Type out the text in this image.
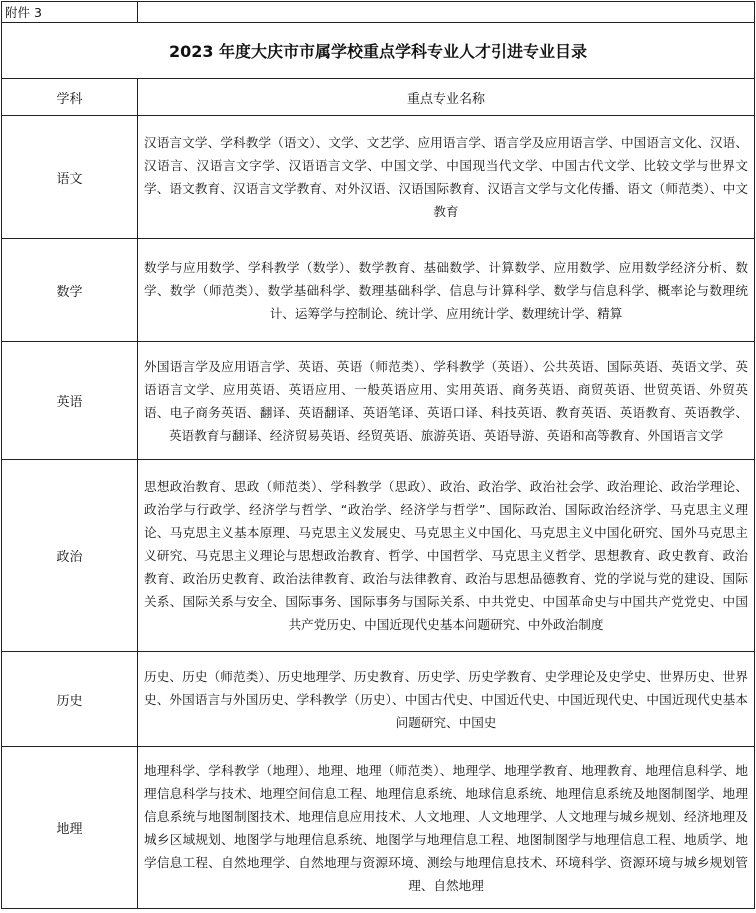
附件 3	
2023 年度大庆市市属学校重点学科专业人才引进专业目录	
学科	重点专业名称
语文	汉语言文学、学科教学（语文）、文学、文艺学、应用语言学、语言学及应用语言学、中国语言文化、汉语、汉语言、汉语言文字学、汉语语言文学、中国文学、中国现当代文学、中国古代文学、比较文学与世界文学、语文教育、汉语言文学教育、对外汉语、汉语国际教育、汉语言文学与文化传播、语文（师范类）、中文教育
数学	数学与应用数学、学科教学（数学）、数学教育、基础数学、计算数学、应用数学、应用数学经济分析、数学、数学（师范类）、数学基础科学、数理基础科学、信息与计算科学、数学与信息科学、概率论与数理统计、运筹学与控制论、统计学、应用统计学、数理统计学、精算
英语	外国语言学及应用语言学、英语、英语（师范类）、学科教学（英语）、公共英语、国际英语、英语文学、英语语言文学、应用英语、英语应用、一般英语应用、实用英语、商务英语、商贸英语、世贸英语、外贸英语、电子商务英语、翻译、英语翻译、英语笔译、英语口译、科技英语、教育英语、英语教育、英语教学、英语教育与翻译、经济贸易英语、经贸英语、旅游英语、英语导游、英语和高等教育、外国语言文学
政治	思想政治教育、思政（师范类）、学科教学（思政）、政治、政治学、政治社会学、政治理论、政治学理论、政治学与行政学、经济学与哲学、“政治学、经济学与哲学”、国际政治、国际政治经济学、马克思主义理论、马克思主义基本原理、马克思主义发展史、马克思主义中国化、马克思主义中国化研究、国外马克思主义研究、马克思主义理论与思想政治教育、哲学、中国哲学、马克思主义哲学、思想教育、政史教育、政治教育、政治历史教育、政治法律教育、政治与法律教育、政治与思想品德教育、党的学说与党的建设、国际关系、国际关系与安全、国际事务、国际事务与国际关系、中共党史、中国革命史与中国共产党党史、中国共产党历史、中国近现代史基本问题研究、中外政治制度
历史	历史、历史（师范类）、历史地理学、历史教育、历史学、历史学教育、史学理论及史学史、世界历史、世界史、外国语言与外国历史、学科教学（历史）、中国古代史、中国近代史、中国近现代史、中国近现代史基本问题研究、中国史
地理	地理科学、学科教学（地理）、地理、地理（师范类）、地理学、地理学教育、地理教育、地理信息科学、地理信息科学与技术、地理空间信息工程、地理信息系统、地球信息系统、地理信息系统及地图制图学、地理信息系统与地图制图技术、地理信息应用技术、人文地理、人文地理学、人文地理与城乡规划、经济地理及城乡区域规划、地图学与地理信息系统、地图学与地理信息工程、地图制图学与地理信息工程、地质学、地学信息工程、自然地理学、自然地理与资源环境、测绘与地理信息技术、环境科学、资源环境与城乡规划管理、自然地理
